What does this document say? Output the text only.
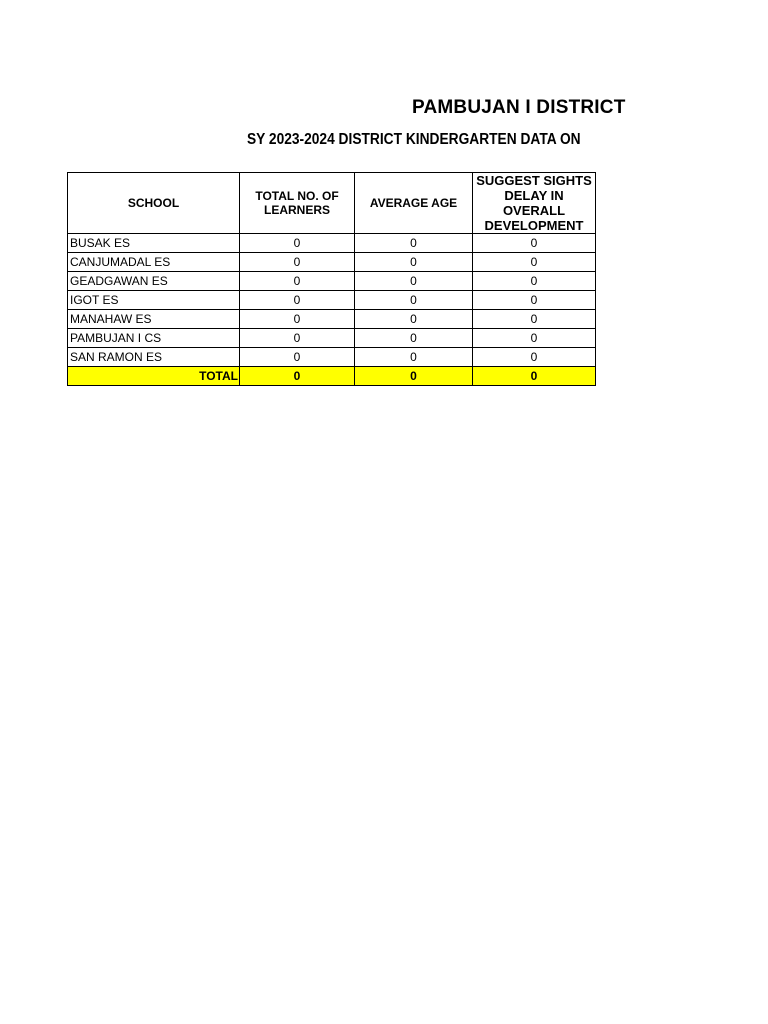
PAMBUJAN I DISTRICT
SY 2023-2024 DISTRICT KINDERGARTEN DATA ON
SCHOOL	TOTAL NO. OF LEARNERS	AVERAGE AGE	SUGGEST SIGHTS DELAY IN OVERALL DEVELOPMENT
BUSAK ES	0	0	0
CANJUMADAL ES	0	0	0
GEADGAWAN ES	0	0	0
IGOT ES	0	0	0
MANAHAW ES	0	0	0
PAMBUJAN I CS	0	0	0
SAN RAMON ES	0	0	0
TOTAL	0	0	0
